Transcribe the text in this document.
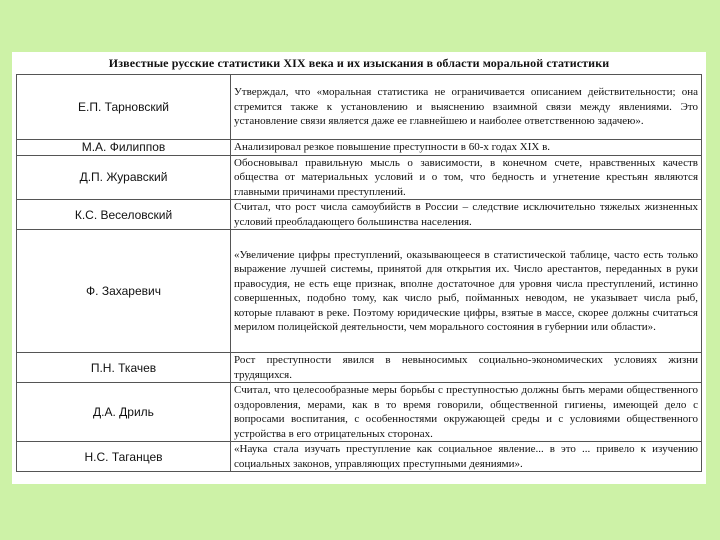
Известные русские статистики XIX века и их изыскания в области моральной статистики
Е.П. Тарновский	Утверждал, что «моральная статистика не ограничивается описанием действительности; она стремится также к установлению и выяснению взаимной связи между явлениями. Это установление связи является даже ее главнейшею и наиболее ответственною задачею».
М.А. Филиппов	Анализировал резкое повышение преступности в 60-х годах XIX в.
Д.П. Журавский	Обосновывал правильную мысль о зависимости, в конечном счете, нравственных качеств общества от материальных условий и о том, что бедность и угнетение крестьян являются главными причинами преступлений.
К.С. Веселовский	Считал, что рост числа самоубийств в России – следствие исключительно тяжелых жизненных условий преобладающего большинства населения.
Ф. Захаревич	«Увеличение цифры преступлений, оказывающееся в статистической таблице, часто есть только выражение лучшей системы, принятой для открытия их. Число арестантов, переданных в руки правосудия, не есть еще признак, вполне достаточное для уровня числа преступлений, истинно совершенных, подобно тому, как число рыб, пойманных неводом, не указывает числа рыб, которые плавают в реке. Поэтому юридические цифры, взятые в массе, скорее должны считаться мерилом полицейской деятельности, чем морального состояния в губернии или области».
П.Н. Ткачев	Рост преступности явился в невыносимых социально-экономических условиях жизни трудящихся.
Д.А. Дриль	Считал, что целесообразные меры борьбы с преступностью должны быть мерами общественного оздоровления, мерами, как в то время говорили, общественной гигиены, имеющей дело с вопросами воспитания, с особенностями окружающей среды и с условиями общественного устройства в его отрицательных сторонах.
Н.С. Таганцев	«Наука стала изучать преступление как социальное явление... в это ... привело к изучению социальных законов, управляющих преступными деяниями».
